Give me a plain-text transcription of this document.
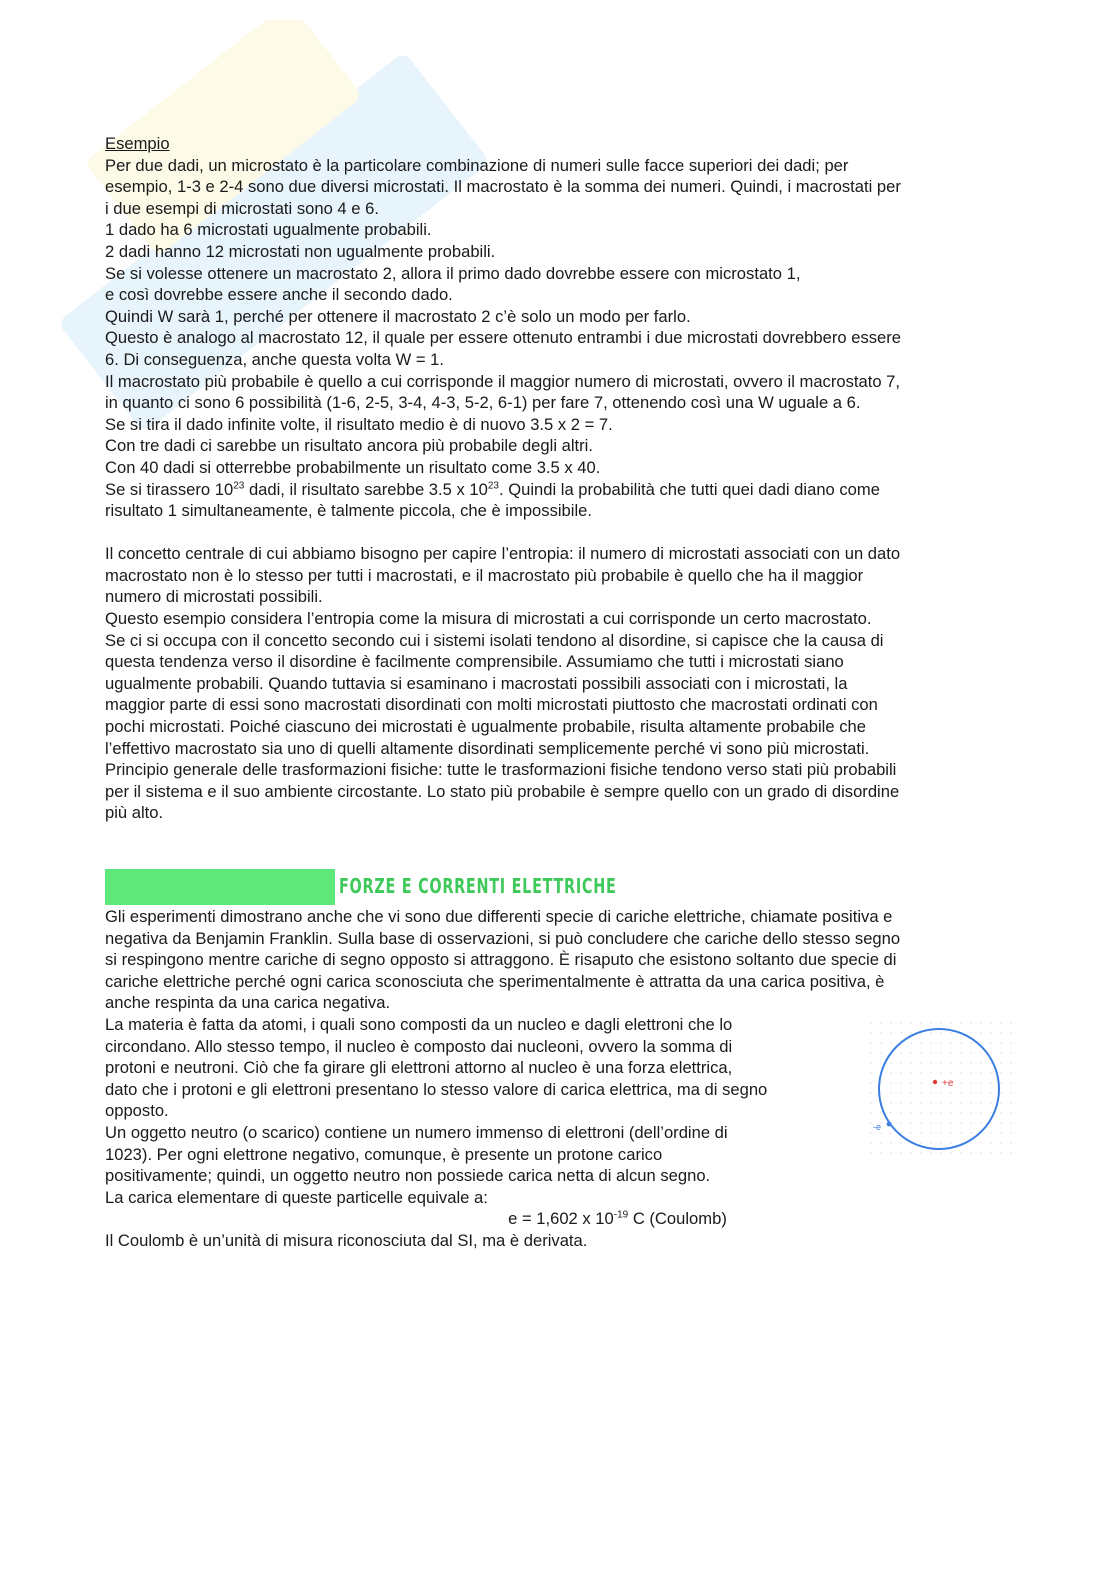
Esempio

Per due dadi, un microstato è la particolare combinazione di numeri sulle facce superiori dei dadi; per

esempio, 1-3 e 2-4 sono due diversi microstati. Il macrostato è la somma dei numeri. Quindi, i macrostati per

i due esempi di microstati sono 4 e 6.

1 dado ha 6 microstati ugualmente probabili.

2 dadi hanno 12 microstati non ugualmente probabili.

Se si volesse ottenere un macrostato 2, allora il primo dado dovrebbe essere con microstato 1,

e così dovrebbe essere anche il secondo dado.

Quindi W sarà 1, perché per ottenere il macrostato 2 c’è solo un modo per farlo.

Questo è analogo al macrostato 12, il quale per essere ottenuto entrambi i due microstati dovrebbero essere

6. Di conseguenza, anche questa volta W = 1.

Il macrostato più probabile è quello a cui corrisponde il maggior numero di microstati, ovvero il macrostato 7,

in quanto ci sono 6 possibilità (1-6, 2-5, 3-4, 4-3, 5-2, 6-1) per fare 7, ottenendo così una W uguale a 6.

Se si tira il dado infinite volte, il risultato medio è di nuovo 3.5 x 2 = 7.

Con tre dadi ci sarebbe un risultato ancora più probabile degli altri.

Con 40 dadi si otterrebbe probabilmente un risultato come 3.5 x 40.

Se si tirassero $10^{23}$ dadi, il risultato sarebbe 3.5 x $10^{23}$. Quindi la probabilità che tutti quei dadi diano come

risultato 1 simultaneamente, è talmente piccola, che è impossibile.

Il concetto centrale di cui abbiamo bisogno per capire l’entropia: il numero di microstati associati con un dato

macrostato non è lo stesso per tutti i macrostati, e il macrostato più probabile è quello che ha il maggior

numero di microstati possibili.

Questo esempio considera l’entropia come la misura di microstati a cui corrisponde un certo macrostato.

Se ci si occupa con il concetto secondo cui i sistemi isolati tendono al disordine, si capisce che la causa di

questa tendenza verso il disordine è facilmente comprensibile. Assumiamo che tutti i microstati siano

ugualmente probabili. Quando tuttavia si esaminano i macrostati possibili associati con i microstati, la

maggior parte di essi sono macrostati disordinati con molti microstati piuttosto che macrostati ordinati con

pochi microstati. Poiché ciascuno dei microstati è ugualmente probabile, risulta altamente probabile che

l’effettivo macrostato sia uno di quelli altamente disordinati semplicemente perché vi sono più microstati.

Principio generale delle trasformazioni fisiche: tutte le trasformazioni fisiche tendono verso stati più probabili

per il sistema e il suo ambiente circostante. Lo stato più probabile è sempre quello con un grado di disordine

più alto.

FORZE E CORRENTI ELETTRICHE

Gli esperimenti dimostrano anche che vi sono due differenti specie di cariche elettriche, chiamate positiva e

negativa da Benjamin Franklin. Sulla base di osservazioni, si può concludere che cariche dello stesso segno

si respingono mentre cariche di segno opposto si attraggono. È risaputo che esistono soltanto due specie di

cariche elettriche perché ogni carica sconosciuta che sperimentalmente è attratta da una carica positiva, è

anche respinta da una carica negativa.

La materia è fatta da atomi, i quali sono composti da un nucleo e dagli elettroni che lo

circondano. Allo stesso tempo, il nucleo è composto dai nucleoni, ovvero la somma di

protoni e neutroni. Ciò che fa girare gli elettroni attorno al nucleo è una forza elettrica,

dato che i protoni e gli elettroni presentano lo stesso valore di carica elettrica, ma di segno

opposto.

Un oggetto neutro (o scarico) contiene un numero immenso di elettroni (dell’ordine di

1023). Per ogni elettrone negativo, comunque, è presente un protone carico

positivamente; quindi, un oggetto neutro non possiede carica netta di alcun segno.

La carica elementare di queste particelle equivale a:

e = 1,602 x $10^{-19}$ C (Coulomb)

Il Coulomb è un’unità di misura riconosciuta dal SI, ma è derivata.

+e
-e
